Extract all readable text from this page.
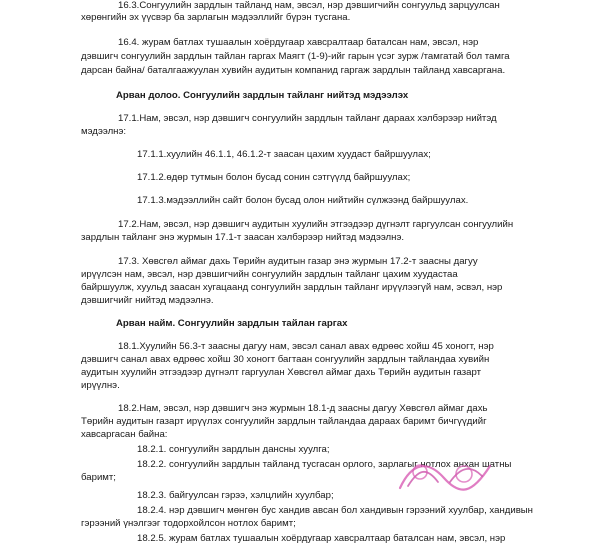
16.3.Сонгуулийн зардлын тайланд нам, эвсэл, нэр дэвшигчийн сонгуульд зарцуулсан
хөрөнгийн эх үүсвэр ба зарлагын мэдээллийг бүрэн тусгана.
16.4. журам батлах тушаалын хоёрдугаар хавсралтаар баталсан нам, эвсэл, нэр
дэвшигч сонгуулийн зардлын тайлан гаргах Маягт (1-9)-ийг гарын үсэг зурж /тамгатай бол тамга
дарсан байна/ баталгаажуулан хувийн аудитын компанид гаргаж зардлын тайланд хавсаргана.
Арван долоо. Сонгуулийн зардлын тайланг нийтэд мэдээлэх
17.1.Нам, эвсэл, нэр дэвшигч сонгуулийн зардлын тайланг дараах хэлбэрээр нийтэд
мэдээлнэ:
17.1.1.хуулийн 46.1.1, 46.1.2-т заасан цахим хуудаст байршуулах;
17.1.2.өдөр тутмын болон бусад сонин сэтгүүлд байршуулах;
17.1.3.мэдээллийн сайт болон бусад олон нийтийн сүлжээнд байршуулах.
17.2.Нам, эвсэл, нэр дэвшигч аудитын хуулийн этгээдээр дүгнэлт гаргуулсан сонгуулийн
зардлын тайланг энэ журмын 17.1-т заасан хэлбэрээр нийтэд мэдээлнэ.
17.3. Хөвсгөл аймаг дахь Төрийн аудитын газар энэ журмын 17.2-т заасны дагуу
ирүүлсэн нам, эвсэл, нэр дэвшигчийн сонгуулийн зардлын тайланг цахим хуудастаа
байршуулж, хуульд заасан хугацаанд сонгуулийн зардлын тайланг ирүүлээгүй нам, эсвэл, нэр
дэвшигчийг нийтэд мэдээлнэ.
Арван найм. Сонгуулийн зардлын тайлан гаргах
18.1.Хуулийн 56.3-т заасны дагуу нам, эвсэл санал авах өдрөөс хойш 45 хоногт, нэр
дэвшигч санал авах өдрөөс хойш 30 хоногт багтаан сонгуулийн зардлын тайландаа хувийн
аудитын хуулийн этгээдээр дүгнэлт гаргуулан Хөвсгөл аймаг дахь Төрийн аудитын газарт
ирүүлнэ.
18.2.Нам, эвсэл, нэр дэвшигч энэ журмын 18.1-д заасны дагуу Хөвсгөл аймаг дахь
Төрийн аудитын газарт ирүүлэх сонгуулийн зардлын тайландаа дараах баримт бичгүүдийг
хавсаргасан байна:
18.2.1. сонгуулийн зардлын дансны хуулга;
18.2.2. сонгуулийн зардлын тайланд тусгасан орлого, зарлагыг нотлох анхан шатны
баримт;
18.2.3. байгуулсан гэрээ, хэлцлийн хуулбар;
18.2.4. нэр дэвшигч мөнгөн бус хандив авсан бол хандивын гэрээний хуулбар, хандивын
гэрээний үнэлгээг тодорхойлсон нотлох баримт;
18.2.5. журам батлах тушаалын хоёрдугаар хавсралтаар баталсан нам, эвсэл, нэр
